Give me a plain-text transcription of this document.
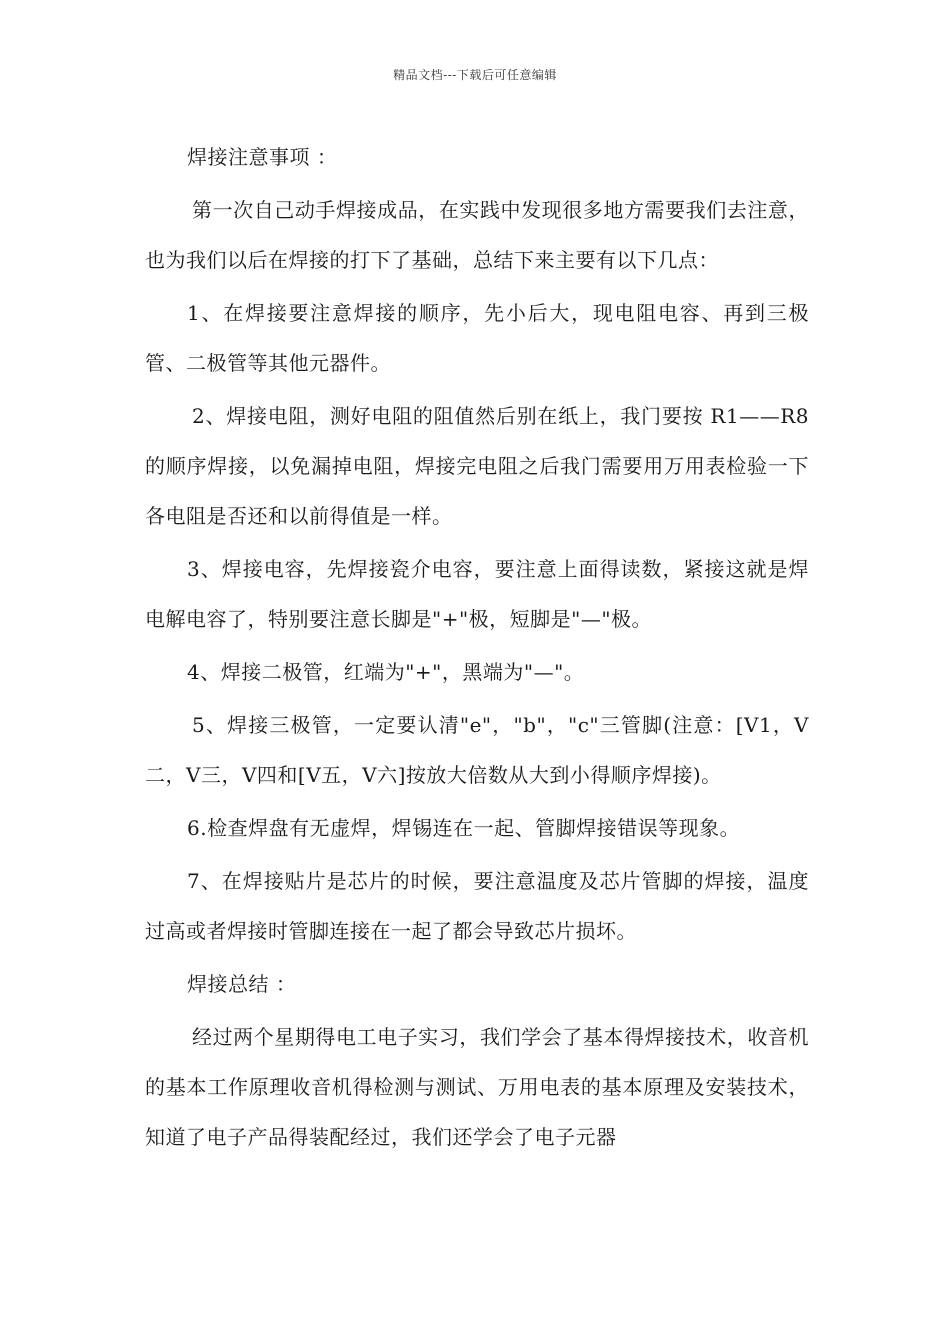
精品文档---下载后可任意编辑

焊接注意事项 ：

第一次自己动手焊接成品，在实践中发现很多地方需要我们去注意，也为我们以后在焊接的打下了基础，总结下来主要有以下几点：

1、在焊接要注意焊接的顺序，先小后大，现电阻电容、再到三极管、二极管等其他元器件。

2、焊接电阻，测好电阻的阻值然后别在纸上，我门要按 R1——R8 的顺序焊接，以免漏掉电阻，焊接完电阻之后我门需要用万用表检验一下各电阻是否还和以前得值是一样。

3、焊接电容，先焊接瓷介电容，要注意上面得读数，紧接这就是焊电解电容了，特别要注意长脚是"+"极，短脚是"—"极。

4、焊接二极管，红端为"+"，黑端为"—"。

5、焊接三极管，一定要认清"e"，"b"，"c"三管脚(注意：[V1，V二，V三，V四和[V五，V六]按放大倍数从大到小得顺序焊接)。

6.检查焊盘有无虚焊，焊锡连在一起、管脚焊接错误等现象。

7、在焊接贴片是芯片的时候，要注意温度及芯片管脚的焊接，温度过高或者焊接时管脚连接在一起了都会导致芯片损坏。

焊接总结 ：

经过两个星期得电工电子实习，我们学会了基本得焊接技术，收音机的基本工作原理收音机得检测与测试、万用电表的基本原理及安装技术，知道了电子产品得装配经过，我们还学会了电子元器
